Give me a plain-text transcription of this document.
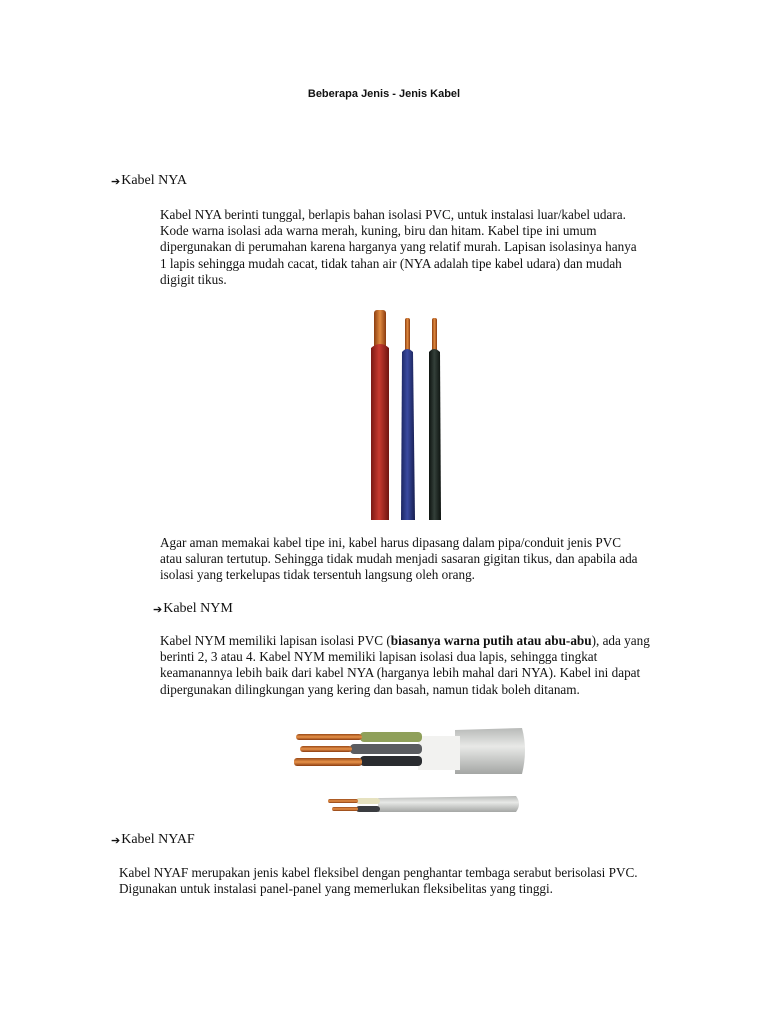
Beberapa Jenis - Jenis Kabel
➔ Kabel NYA
Kabel NYA berinti tunggal, berlapis bahan isolasi PVC, untuk instalasi luar/kabel udara. Kode warna isolasi ada warna merah, kuning, biru dan hitam. Kabel tipe ini umum dipergunakan di perumahan karena harganya yang relatif murah. Lapisan isolasinya hanya 1 lapis sehingga mudah cacat, tidak tahan air (NYA adalah tipe kabel udara) dan mudah digigit tikus.
Agar aman memakai kabel tipe ini, kabel harus dipasang dalam pipa/conduit jenis PVC atau saluran tertutup. Sehingga tidak mudah menjadi sasaran gigitan tikus, dan apabila ada isolasi yang terkelupas tidak tersentuh langsung oleh orang.
➔ Kabel NYM
Kabel NYM memiliki lapisan isolasi PVC (biasanya warna putih atau abu-abu), ada yang berinti 2, 3 atau 4. Kabel NYM memiliki lapisan isolasi dua lapis, sehingga tingkat keamanannya lebih baik dari kabel NYA (harganya lebih mahal dari NYA). Kabel ini dapat dipergunakan dilingkungan yang kering dan basah, namun tidak boleh ditanam.
➔ Kabel NYAF
Kabel NYAF merupakan jenis kabel fleksibel dengan penghantar tembaga serabut berisolasi PVC. Digunakan untuk instalasi panel-panel yang memerlukan fleksibelitas yang tinggi.
